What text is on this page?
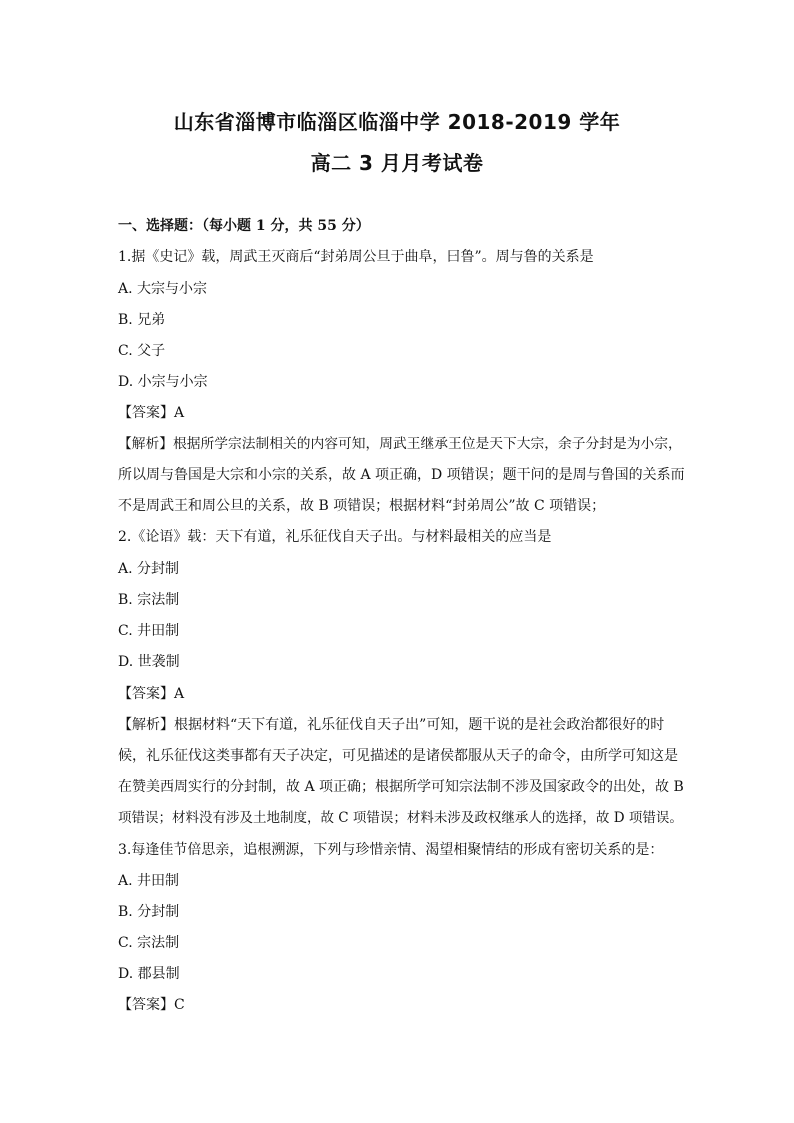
山东省淄博市临淄区临淄中学 2018-2019 学年
高二 3 月月考试卷
一、选择题：（每小题 1 分，共 55 分）
1.据《史记》载，周武王灭商后“封弟周公旦于曲阜，曰鲁”。周与鲁的关系是
A. 大宗与小宗
B. 兄弟
C. 父子
D. 小宗与小宗
【答案】A
【解析】根据所学宗法制相关的内容可知，周武王继承王位是天下大宗，余子分封是为小宗，
所以周与鲁国是大宗和小宗的关系，故 A 项正确，D 项错误；题干问的是周与鲁国的关系而
不是周武王和周公旦的关系，故 B 项错误；根据材料“封弟周公”故 C 项错误；
2.《论语》载：天下有道，礼乐征伐自天子出。与材料最相关的应当是
A. 分封制
B. 宗法制
C. 井田制
D. 世袭制
【答案】A
【解析】根据材料“天下有道，礼乐征伐自天子出”可知，题干说的是社会政治都很好的时
候，礼乐征伐这类事都有天子决定，可见描述的是诸侯都服从天子的命令，由所学可知这是
在赞美西周实行的分封制，故 A 项正确；根据所学可知宗法制不涉及国家政令的出处，故 B
项错误；材料没有涉及土地制度，故 C 项错误；材料未涉及政权继承人的选择，故 D 项错误。
3.每逢佳节倍思亲，追根溯源，下列与珍惜亲情、渴望相聚情结的形成有密切关系的是：
A. 井田制
B. 分封制
C. 宗法制
D. 郡县制
【答案】C
